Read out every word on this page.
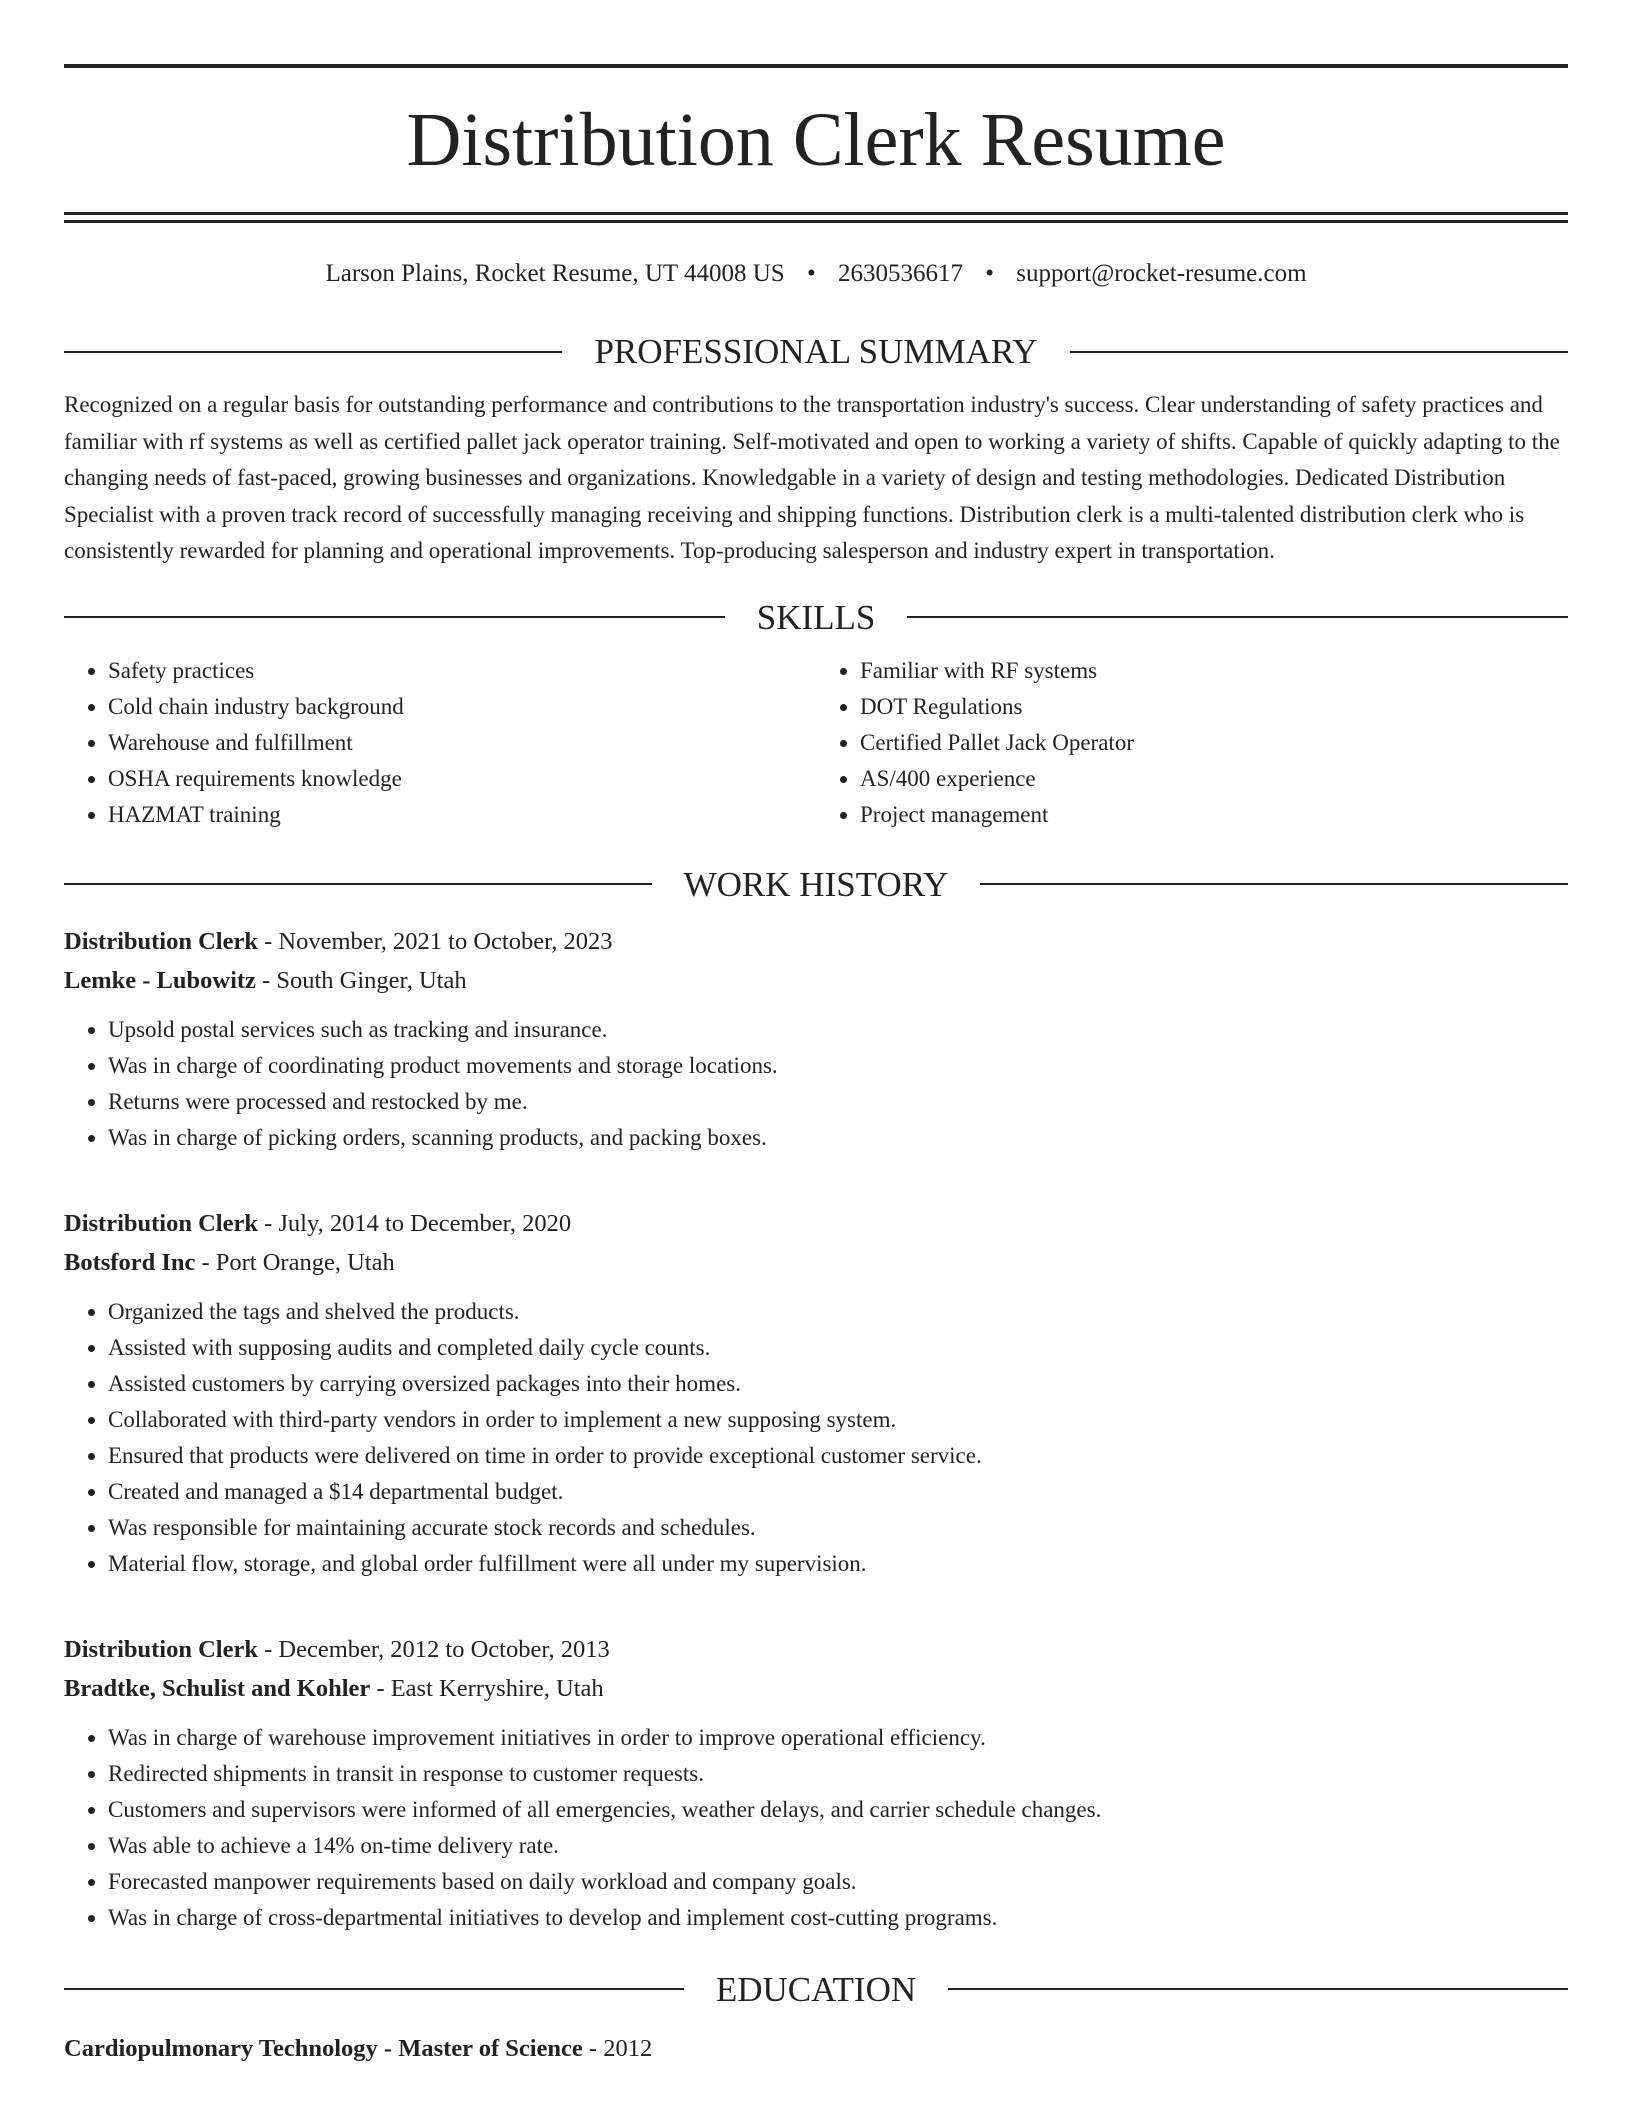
Distribution Clerk Resume
Larson Plains, Rocket Resume, UT 44008 US • 2630536617 • support@rocket-resume.com
PROFESSIONAL SUMMARY

Recognized on a regular basis for outstanding performance and contributions to the transportation industry's success. Clear understanding of safety practices and familiar with rf systems as well as certified pallet jack operator training. Self-motivated and open to working a variety of shifts. Capable of quickly adapting to the changing needs of fast-paced, growing businesses and organizations. Knowledgable in a variety of design and testing methodologies. Dedicated Distribution Specialist with a proven track record of successfully managing receiving and shipping functions. Distribution clerk is a multi-talented distribution clerk who is consistently rewarded for planning and operational improvements. Top-producing salesperson and industry expert in transportation.

SKILLS
• Safety practices
• Cold chain industry background
• Warehouse and fulfillment
• OSHA requirements knowledge
• HAZMAT training
• Familiar with RF systems
• DOT Regulations
• Certified Pallet Jack Operator
• AS/400 experience
• Project management
WORK HISTORY
Distribution Clerk - November, 2021 to October, 2023
Lemke - Lubowitz - South Ginger, Utah
• Upsold postal services such as tracking and insurance.
• Was in charge of coordinating product movements and storage locations.
• Returns were processed and restocked by me.
• Was in charge of picking orders, scanning products, and packing boxes.
Distribution Clerk - July, 2014 to December, 2020
Botsford Inc - Port Orange, Utah
• Organized the tags and shelved the products.
• Assisted with supposing audits and completed daily cycle counts.
• Assisted customers by carrying oversized packages into their homes.
• Collaborated with third-party vendors in order to implement a new supposing system.
• Ensured that products were delivered on time in order to provide exceptional customer service.
• Created and managed a $14 departmental budget.
• Was responsible for maintaining accurate stock records and schedules.
• Material flow, storage, and global order fulfillment were all under my supervision.
Distribution Clerk - December, 2012 to October, 2013
Bradtke, Schulist and Kohler - East Kerryshire, Utah
• Was in charge of warehouse improvement initiatives in order to improve operational efficiency.
• Redirected shipments in transit in response to customer requests.
• Customers and supervisors were informed of all emergencies, weather delays, and carrier schedule changes.
• Was able to achieve a 14% on-time delivery rate.
• Forecasted manpower requirements based on daily workload and company goals.
• Was in charge of cross-departmental initiatives to develop and implement cost-cutting programs.
EDUCATION
Cardiopulmonary Technology - Master of Science - 2012
